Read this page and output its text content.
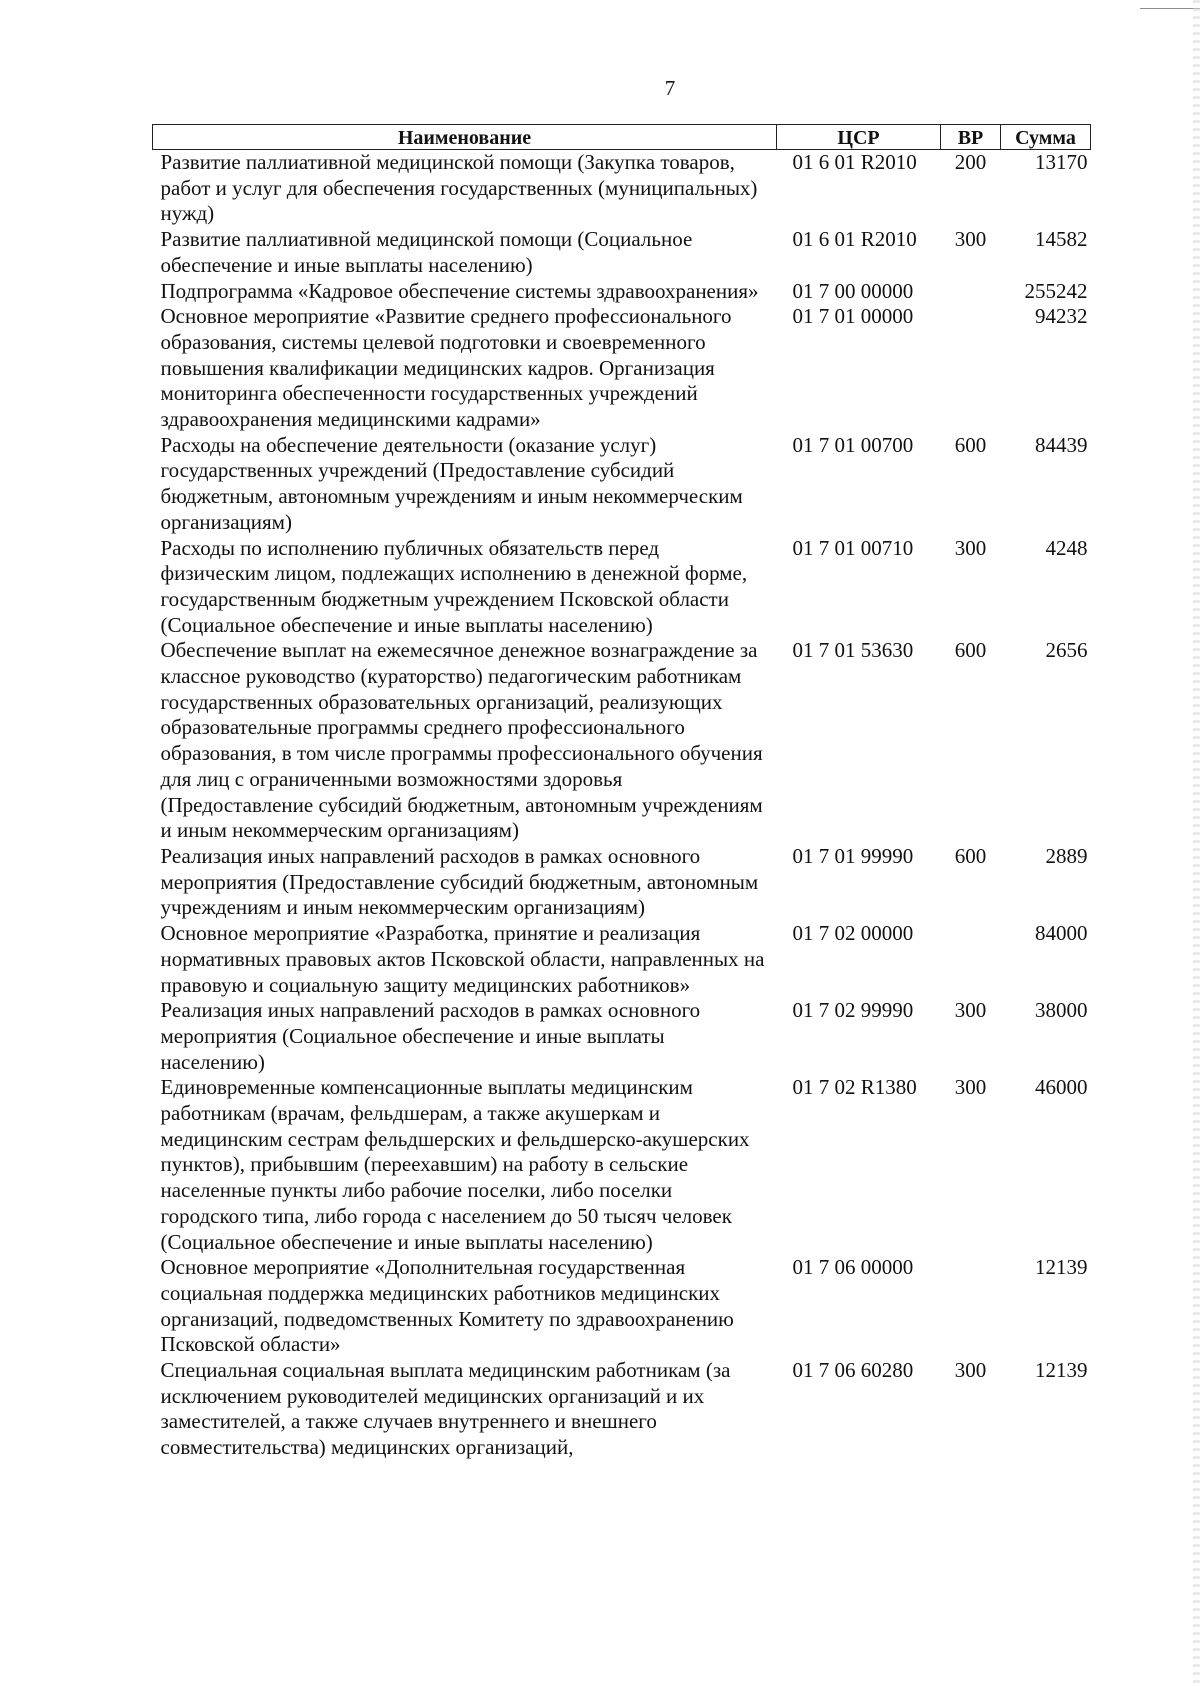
7
Наименование	ЦСР	ВР	Сумма
Развитие паллиативной медицинской помощи (Закупка товаров, работ и услуг для обеспечения государственных (муниципальных) нужд)	01 6 01 R2010	200	13170
Развитие паллиативной медицинской помощи (Социальное обеспечение и иные выплаты населению)	01 6 01 R2010	300	14582
Подпрограмма «Кадровое обеспечение системы здравоохранения»	01 7 00 00000		255242
Основное мероприятие «Развитие среднего профессионального образования, системы целевой подготовки и своевременного повышения квалификации медицинских кадров. Организация мониторинга обеспеченности государственных учреждений здравоохранения медицинскими кадрами»	01 7 01 00000		94232
Расходы на обеспечение деятельности (оказание услуг) государственных учреждений (Предоставление субсидий бюджетным, автономным учреждениям и иным некоммерческим организациям)	01 7 01 00700	600	84439
Расходы по исполнению публичных обязательств перед физическим лицом, подлежащих исполнению в денежной форме, государственным бюджетным учреждением Псковской области (Социальное обеспечение и иные выплаты населению)	01 7 01 00710	300	4248
Обеспечение выплат на ежемесячное денежное вознаграждение за классное руководство (кураторство) педагогическим работникам государственных образовательных организаций, реализующих образовательные программы среднего профессионального образования, в том числе программы профессионального обучения для лиц с ограниченными возможностями здоровья (Предоставление субсидий бюджетным, автономным учреждениям и иным некоммерческим организациям)	01 7 01 53630	600	2656
Реализация иных направлений расходов в рамках основного мероприятия (Предоставление субсидий бюджетным, автономным учреждениям и иным некоммерческим организациям)	01 7 01 99990	600	2889
Основное мероприятие «Разработка, принятие и реализация нормативных правовых актов Псковской области, направленных на правовую и социальную защиту медицинских работников»	01 7 02 00000		84000
Реализация иных направлений расходов в рамках основного мероприятия (Социальное обеспечение и иные выплаты населению)	01 7 02 99990	300	38000
Единовременные компенсационные выплаты медицинским работникам (врачам, фельдшерам, а также акушеркам и медицинским сестрам фельдшерских и фельдшерско-акушерских пунктов), прибывшим (переехавшим) на работу в сельские населенные пункты либо рабочие поселки, либо поселки городского типа, либо города с населением до 50 тысяч человек (Социальное обеспечение и иные выплаты населению)	01 7 02 R1380	300	46000
Основное мероприятие «Дополнительная государственная социальная поддержка медицинских работников медицинских организаций, подведомственных Комитету по здравоохранению Псковской области»	01 7 06 00000		12139
Специальная социальная выплата медицинским работникам (за исключением руководителей медицинских организаций и их заместителей, а также случаев внутреннего и внешнего совместительства) медицинских организаций,	01 7 06 60280	300	12139
